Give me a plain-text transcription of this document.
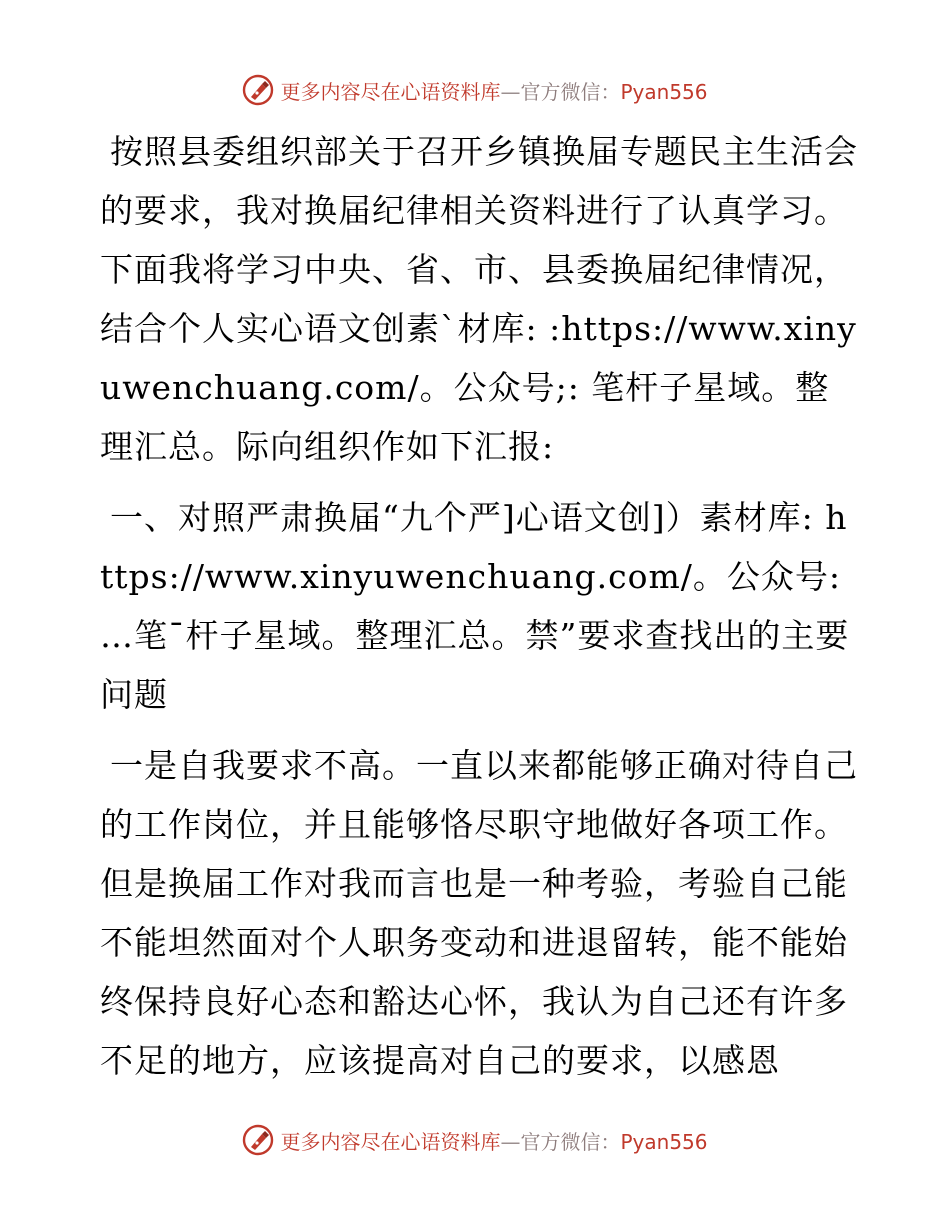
更多内容尽在心语资料库—官方微信：Pyan556

按照县委组织部关于召开乡镇换届专题民主生活会的要求，我对换届纪律相关资料进行了认真学习。下面我将学习中央、省、市、县委换届纪律情况，结合个人实心语文创素ˋ材库: :https://www.xinyuwenchuang.com/。公众号;: 笔杆子星域。整理汇总。际向组织作如下汇报:

一、对照严肃换届“九个严]心语文创]）素材库: https://www.xinyuwenchuang.com/。公众号: …笔¯杆子星域。整理汇总。禁”要求查找出的主要问题

一是自我要求不高。一直以来都能够正确对待自己的工作岗位，并且能够恪尽职守地做好各项工作。但是换届工作对我而言也是一种考验，考验自己能不能坦然面对个人职务变动和进退留转，能不能始终保持良好心态和豁达心怀，我认为自己还有许多不足的地方，应该提高对自己的要求，以感恩

更多内容尽在心语资料库—官方微信：Pyan556
